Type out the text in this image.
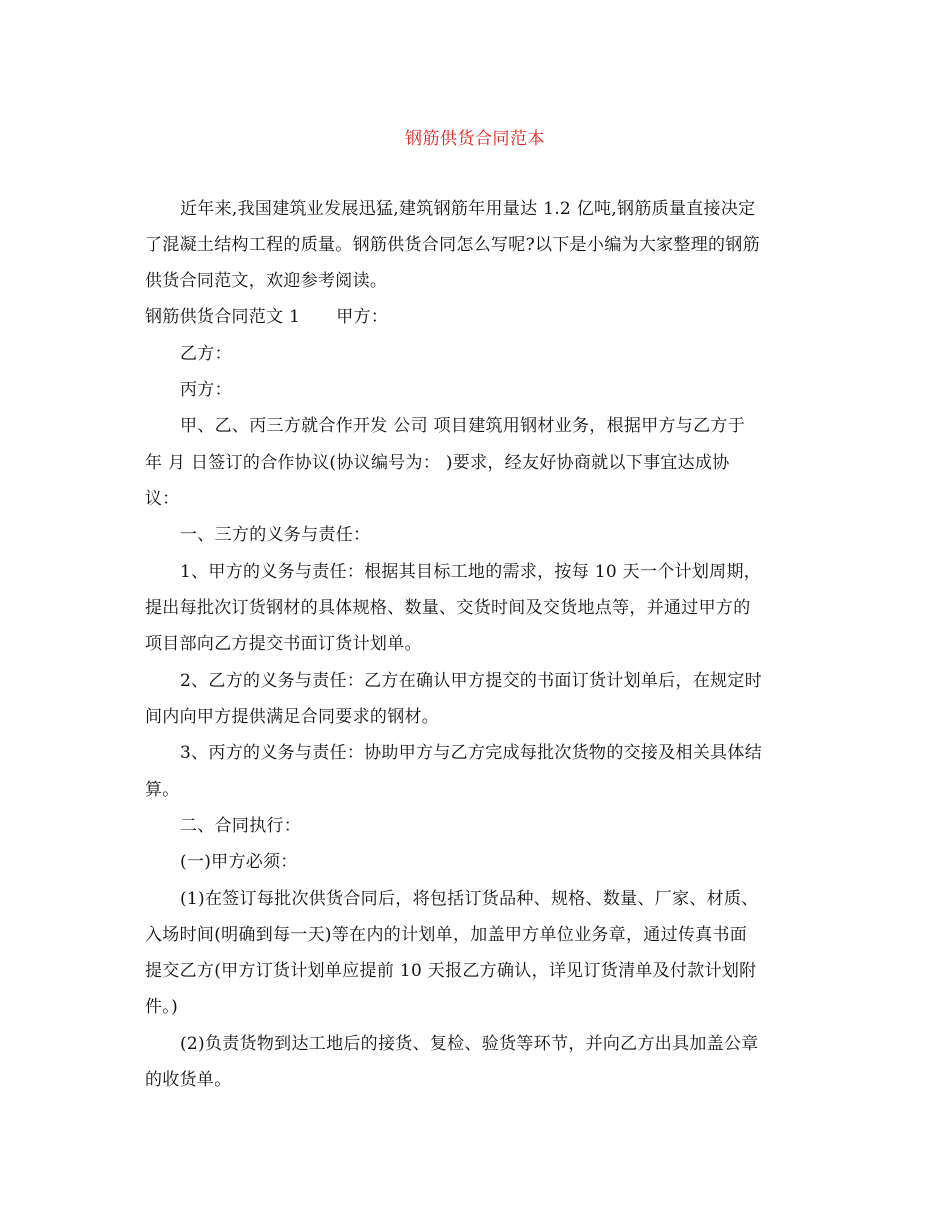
钢筋供货合同范本
近年来,我国建筑业发展迅猛,建筑钢筋年用量达 1.2 亿吨,钢筋质量直接决定
了混凝土结构工程的质量。钢筋供货合同怎么写呢?以下是小编为大家整理的钢筋
供货合同范文，欢迎参考阅读。
钢筋供货合同范文 1 甲方：
乙方：
丙方：
甲、乙、丙三方就合作开发 公司 项目建筑用钢材业务，根据甲方与乙方于
年 月 日签订的合作协议(协议编号为： )要求，经友好协商就以下事宜达成协
议：
一、三方的义务与责任：
1、甲方的义务与责任：根据其目标工地的需求，按每 10 天一个计划周期，
提出每批次订货钢材的具体规格、数量、交货时间及交货地点等，并通过甲方的
项目部向乙方提交书面订货计划单。
2、乙方的义务与责任：乙方在确认甲方提交的书面订货计划单后，在规定时
间内向甲方提供满足合同要求的钢材。
3、丙方的义务与责任：协助甲方与乙方完成每批次货物的交接及相关具体结
算。
二、合同执行：
(一)甲方必须：
(1)在签订每批次供货合同后，将包括订货品种、规格、数量、厂家、材质、
入场时间(明确到每一天)等在内的计划单，加盖甲方单位业务章，通过传真书面
提交乙方(甲方订货计划单应提前 10 天报乙方确认，详见订货清单及付款计划附
件。)
(2)负责货物到达工地后的接货、复检、验货等环节，并向乙方出具加盖公章
的收货单。
